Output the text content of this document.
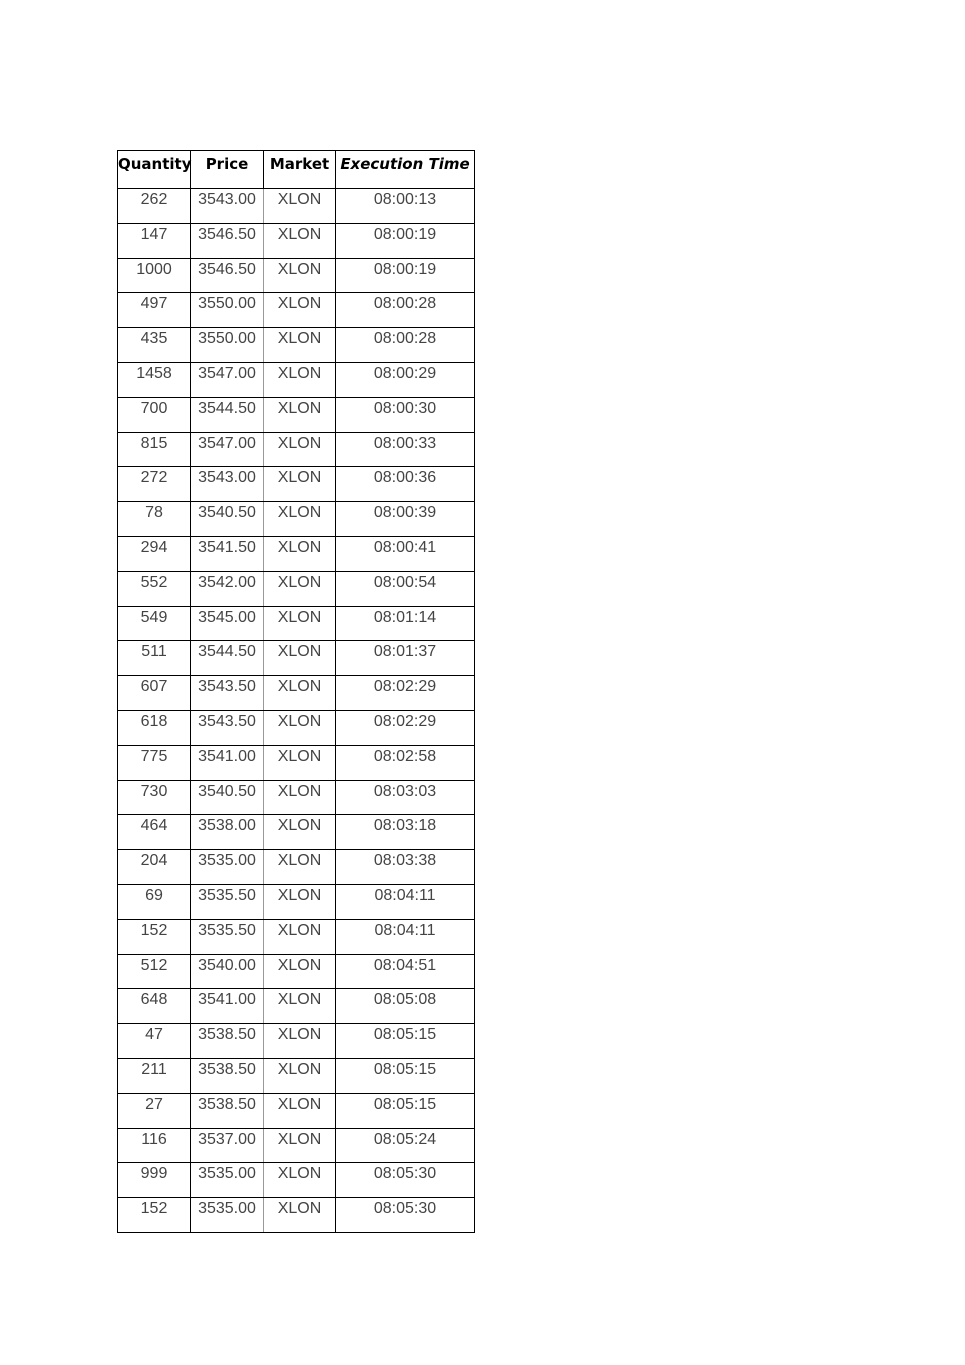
Quantity	Price	Market	Execution Time
262	3543.00	XLON	08:00:13
147	3546.50	XLON	08:00:19
1000	3546.50	XLON	08:00:19
497	3550.00	XLON	08:00:28
435	3550.00	XLON	08:00:28
1458	3547.00	XLON	08:00:29
700	3544.50	XLON	08:00:30
815	3547.00	XLON	08:00:33
272	3543.00	XLON	08:00:36
78	3540.50	XLON	08:00:39
294	3541.50	XLON	08:00:41
552	3542.00	XLON	08:00:54
549	3545.00	XLON	08:01:14
511	3544.50	XLON	08:01:37
607	3543.50	XLON	08:02:29
618	3543.50	XLON	08:02:29
775	3541.00	XLON	08:02:58
730	3540.50	XLON	08:03:03
464	3538.00	XLON	08:03:18
204	3535.00	XLON	08:03:38
69	3535.50	XLON	08:04:11
152	3535.50	XLON	08:04:11
512	3540.00	XLON	08:04:51
648	3541.00	XLON	08:05:08
47	3538.50	XLON	08:05:15
211	3538.50	XLON	08:05:15
27	3538.50	XLON	08:05:15
116	3537.00	XLON	08:05:24
999	3535.00	XLON	08:05:30
152	3535.00	XLON	08:05:30
